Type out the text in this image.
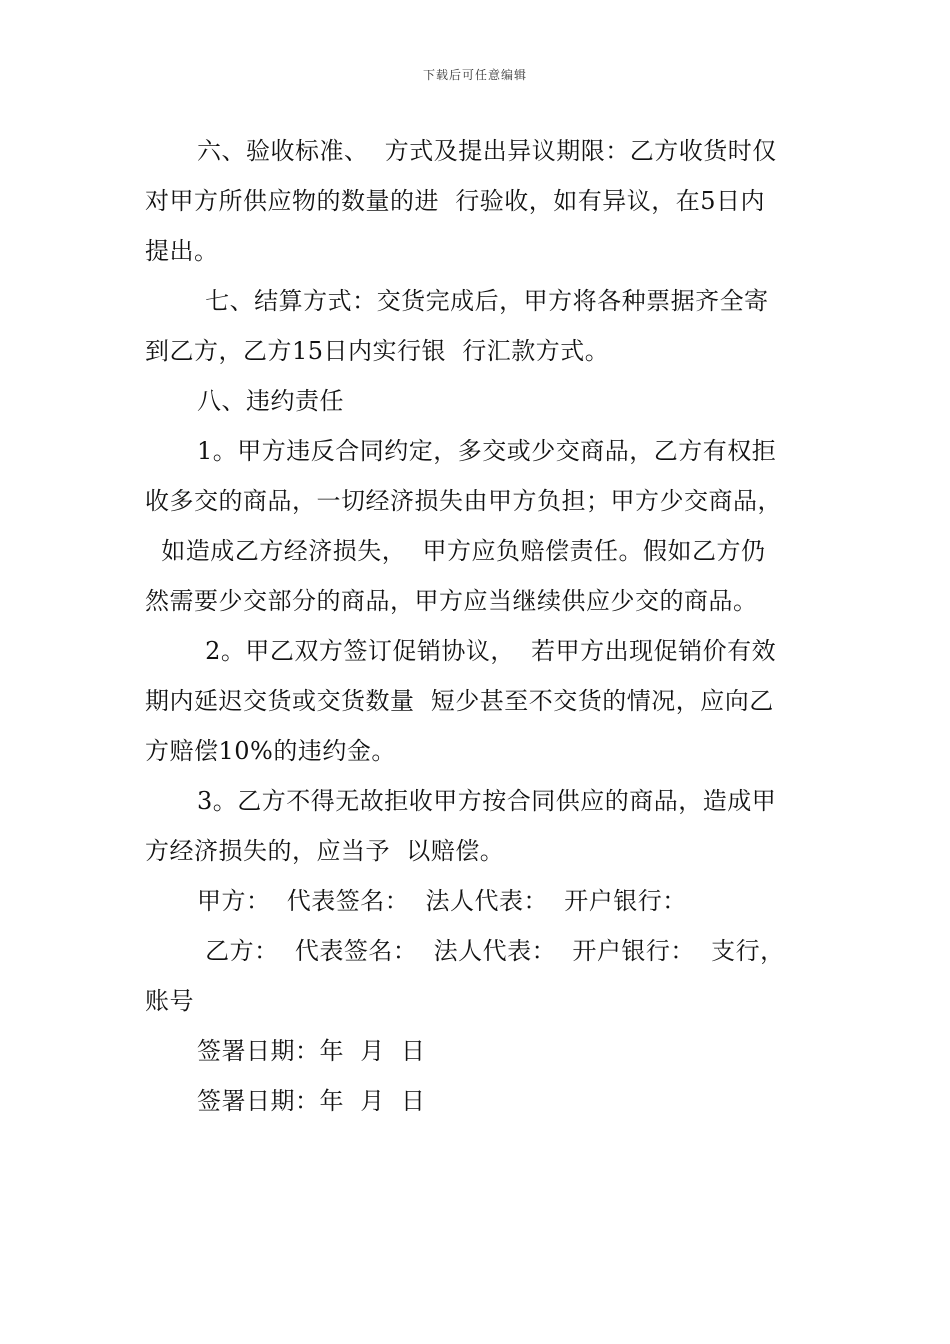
下载后可任意编辑
六、验收标准、  方式及提出异议期限：乙方收货时仅
对甲方所供应物的数量的进  行验收，如有异议，在5日内
提出。
七、结算方式：交货完成后，甲方将各种票据齐全寄
到乙方，乙方15日内实行银  行汇款方式。
八、违约责任
1。甲方违反合同约定，多交或少交商品，乙方有权拒
收多交的商品，一切经济损失由甲方负担；甲方少交商品，
如造成乙方经济损失，  甲方应负赔偿责任。假如乙方仍
然需要少交部分的商品，甲方应当继续供应少交的商品。
2。甲乙双方签订促销协议，  若甲方出现促销价有效
期内延迟交货或交货数量  短少甚至不交货的情况，应向乙
方赔偿10%的违约金。
3。乙方不得无故拒收甲方按合同供应的商品，造成甲
方经济损失的，应当予  以赔偿。
甲方：  代表签名：  法人代表：  开户银行：
乙方：  代表签名：  法人代表：  开户银行：  支行，
账号
签署日期：年  月  日
签署日期：年  月  日
